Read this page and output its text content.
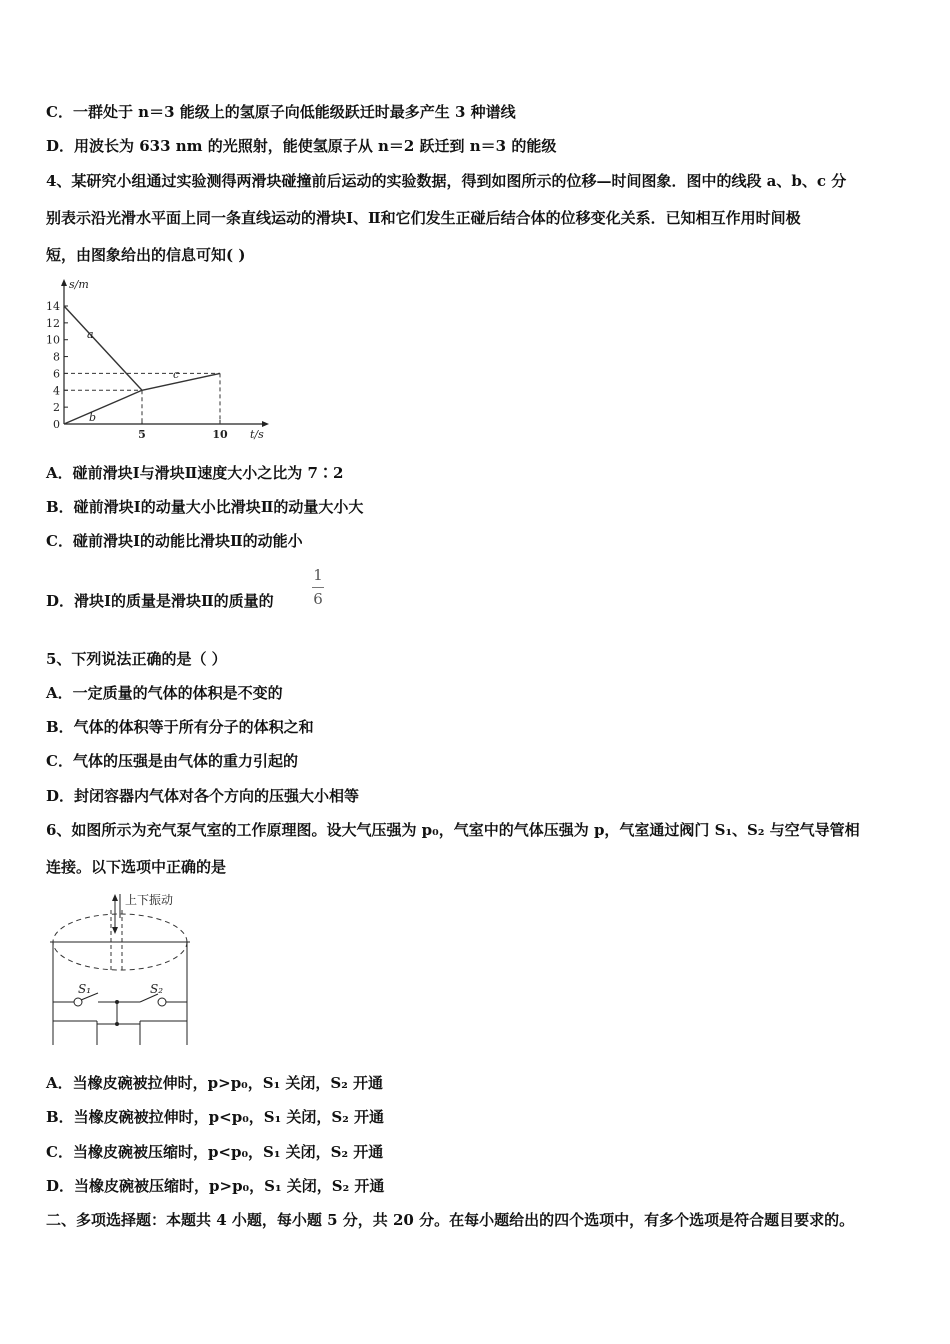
C．一群处于 n＝3 能级上的氢原子向低能级跃迁时最多产生 3 种谱线
D．用波长为 633 nm 的光照射，能使氢原子从 n＝2 跃迁到 n＝3 的能级
4、某研究小组通过实验测得两滑块碰撞前后运动的实验数据，得到如图所示的位移—时间图象．图中的线段 a、b、c 分
别表示沿光滑水平面上同一条直线运动的滑块Ⅰ、Ⅱ和它们发生正碰后结合体的位移变化关系．已知相互作用时间极
短，由图象给出的信息可知( )
s/m
t/s
0
2
4
6
8
10
12
14
5	10
a
b
c
A．碰前滑块Ⅰ与滑块Ⅱ速度大小之比为 7∶2
B．碰前滑块Ⅰ的动量大小比滑块Ⅱ的动量大小大
C．碰前滑块Ⅰ的动能比滑块Ⅱ的动能小
D．滑块Ⅰ的质量是滑块Ⅱ的质量的
1
6
5、下列说法正确的是（ ）
A．一定质量的气体的体积是不变的
B．气体的体积等于所有分子的体积之和
C．气体的压强是由气体的重力引起的
D．封闭容器内气体对各个方向的压强大小相等
6、如图所示为充气泵气室的工作原理图。设大气压强为 p₀，气室中的气体压强为 p，气室通过阀门 S₁、S₂ 与空气导管相
连接。以下选项中正确的是
上下振动
S₁	S₂
A．当橡皮碗被拉伸时，p>p₀，S₁ 关闭，S₂ 开通
B．当橡皮碗被拉伸时，p<p₀，S₁ 关闭，S₂ 开通
C．当橡皮碗被压缩时，p<p₀，S₁ 关闭，S₂ 开通
D．当橡皮碗被压缩时，p>p₀，S₁ 关闭，S₂ 开通
二、多项选择题：本题共 4 小题，每小题 5 分，共 20 分。在每小题给出的四个选项中，有多个选项是符合题目要求的。
